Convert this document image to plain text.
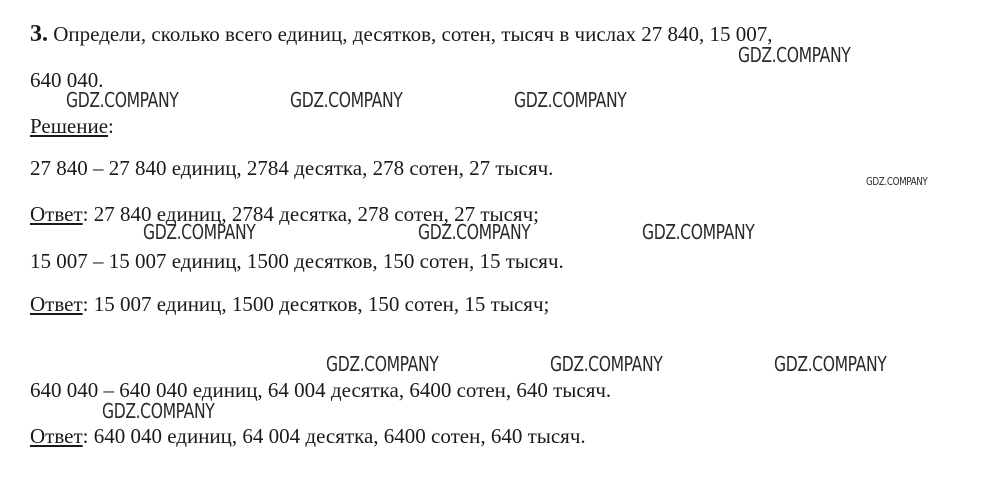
3. Определи, сколько всего единиц, десятков, сотен, тысяч в числах 27 840, 15 007,
640 040.
Решение:
27 840 – 27 840 единиц, 2784 десятка, 278 сотен, 27 тысяч.
Ответ: 27 840 единиц, 2784 десятка, 278 сотен, 27 тысяч;
15 007 – 15 007 единиц, 1500 десятков, 150 сотен, 15 тысяч.
Ответ: 15 007 единиц, 1500 десятков, 150 сотен, 15 тысяч;
640 040 – 640 040 единиц, 64 004 десятка, 6400 сотен, 640 тысяч.
Ответ: 640 040 единиц, 64 004 десятка, 6400 сотен, 640 тысяч.
GDZ.COMPANY
GDZ.COMPANY	GDZ.COMPANY	GDZ.COMPANY
GDZ.COMPANY
GDZ.COMPANY	GDZ.COMPANY	GDZ.COMPANY
GDZ.COMPANY	GDZ.COMPANY	GDZ.COMPANY
GDZ.COMPANY
